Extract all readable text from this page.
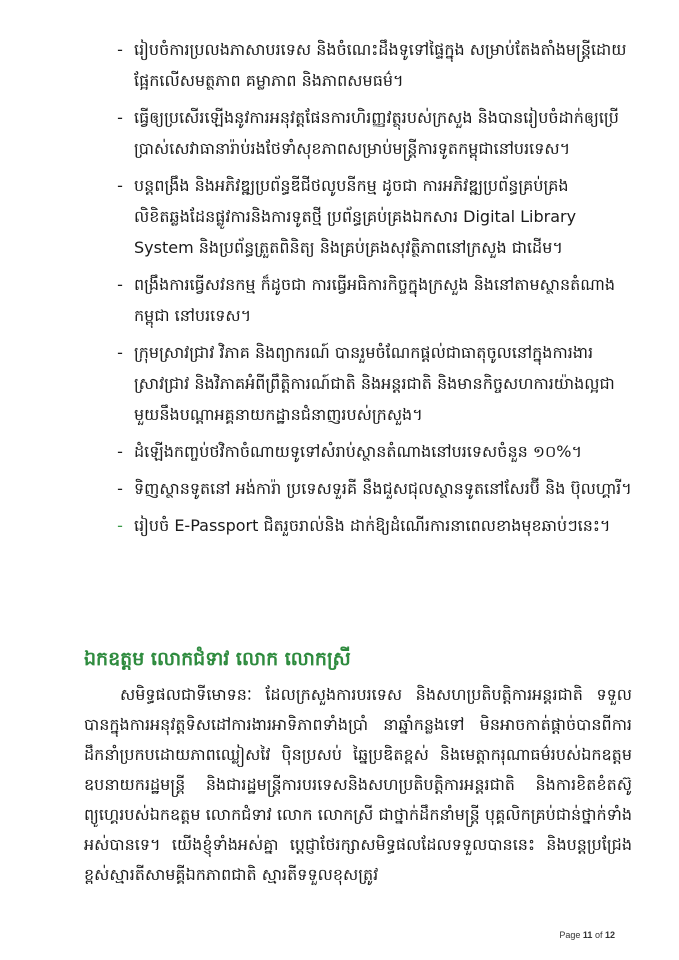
- រៀបចំការប្រលងភាសាបរទេស និងចំណេះដឹងទូទៅផ្ទៃក្នុង សម្រាប់តែងតាំងមន្ត្រីដោយផ្អែកលើសមត្ថភាព គម្លាភាព និងភាពសមធម៌។
- ធ្វើឲ្យប្រសើរឡើងនូវការអនុវត្តផែនការហិរញ្ញវត្ថុរបស់ក្រសួង និងបានរៀបចំដាក់ឲ្យប្រើប្រាស់សេវាធានារ៉ាប់រងថែទាំសុខភាពសម្រាប់មន្ត្រីការទូតកម្ពុជានៅបរទេស។
- បន្តពង្រឹង និងអភិវឌ្ឍប្រព័ន្ធឌីជីថលូបនីកម្ម ដូចជា ការអភិវឌ្ឍប្រព័ន្ធគ្រប់គ្រងលិខិតឆ្លងដែនផ្លូវការនិងការទូតថ្មី ប្រព័ន្ធគ្រប់គ្រងឯកសារ Digital Library System និងប្រព័ន្ធត្រួតពិនិត្យ និងគ្រប់គ្រងសុវត្ថិភាពនៅក្រសួង ជាដើម។
- ពង្រឹងការធ្វើសវនកម្ម ក៏ដូចជា ការធ្វើអធិការកិច្ចក្នុងក្រសួង និងនៅតាមស្ថានតំណាងកម្ពុជា នៅបរទេស។
- ក្រុមស្រាវជ្រាវ វិភាគ និងព្យាករណ៍ បានរួមចំណែកផ្ដល់ជាធាតុចូលនៅក្នុងការងារស្រាវជ្រាវ និងវិភាគអំពីព្រឹត្តិការណ៍ជាតិ និងអន្តរជាតិ និងមានកិច្ចសហការយ៉ាងល្អជាមួយនឹងបណ្ដាអគ្គនាយកដ្ឋានជំនាញរបស់ក្រសួង។
- ដំឡើងកញ្ចប់ថវិកាចំណាយទូទៅសំរាប់ស្ថានតំណាងនៅបរទេសចំនួន ១០%។
- ទិញស្ថានទូតនៅ អង់ការ៉ា ប្រទេសទួរគី នឹងជួសជុលស្ថានទូតនៅសែរប៊ី និង ប៊ុលហ្គារី។
- រៀបចំ E-Passport ជិតរួចរាល់និង ដាក់ឱ្យដំណើរការនាពេលខាងមុខឆាប់ៗនេះ។
ឯកឧត្តម លោកជំទាវ លោក លោកស្រី

សមិទ្ធផលជាទីមោទនៈ ដែលក្រសួងការបរទេស និងសហប្រតិបត្តិការអន្តរជាតិ ទទួលបានក្នុងការអនុវត្តទិសដៅការងារអាទិភាពទាំងប្រាំ នាឆ្នាំកន្លងទៅ មិនអាចកាត់ផ្ដាច់បានពីការដឹកនាំប្រកបដោយភាពឈ្លៀសវៃ ប៉ិនប្រសប់ ឆ្នៃប្រឌិតខ្ពស់ និងមេត្តាករុណាធម៌របស់ឯកឧត្តមឧបនាយករដ្ឋមន្ត្រី និងជារដ្ឋមន្ត្រីការបរទេសនិងសហប្រតិបត្តិការអន្តរជាតិ និងការខិតខំតស៊ូព្យូហ្គេរបស់ឯកឧត្តម លោកជំទាវ លោក លោកស្រី ជាថ្នាក់ដឹកនាំមន្ត្រី បុគ្គលិកគ្រប់ជាន់ថ្នាក់ទាំងអស់បានទេ។ យើងខ្ញុំទាំងអស់គ្នា ប្ដេជ្ញាថែរក្សាសមិទ្ធផលដែលទទួលបាននេះ និងបន្តប្រជ្រែងខ្ពស់ស្មារតីសាមគ្គីឯកភាពជាតិ ស្មារតីទទួលខុសត្រូវ

Page 11 of 12
